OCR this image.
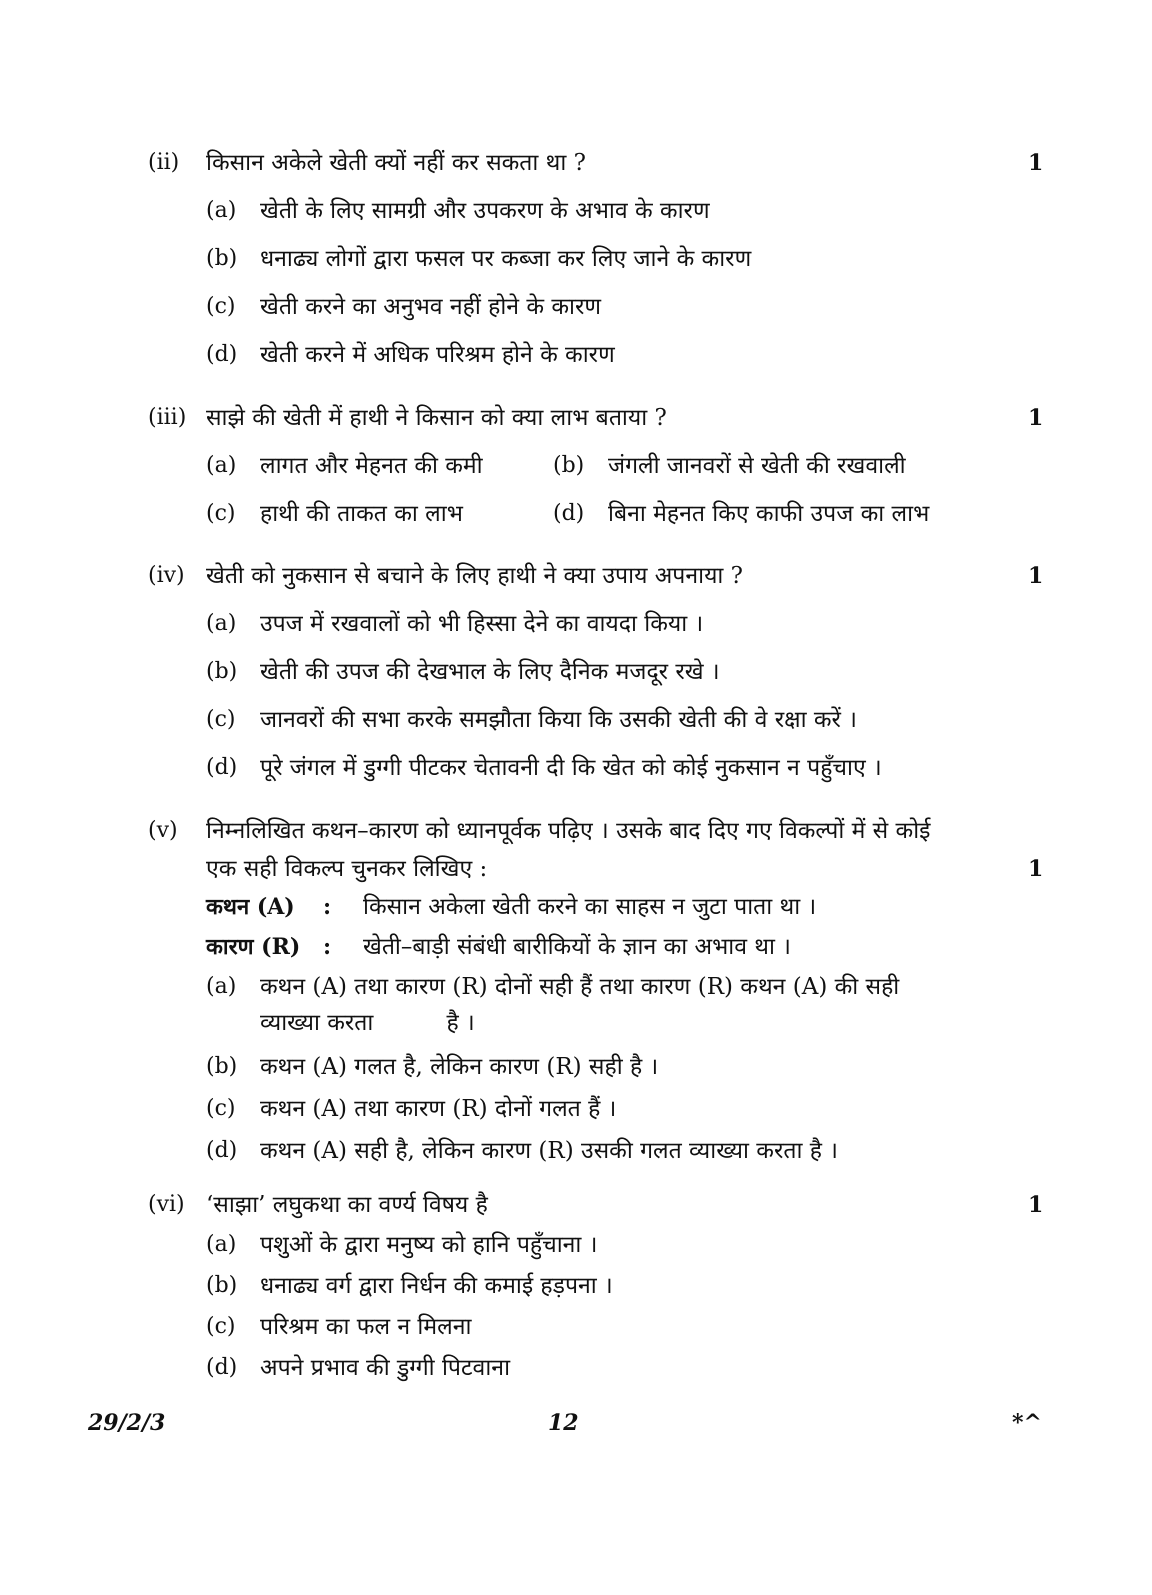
(ii) किसान अकेले खेती क्यों नहीं कर सकता था ?	1
(a) खेती के लिए सामग्री और उपकरण के अभाव के कारण
(b) धनाढ्य लोगों द्वारा फसल पर कब्जा कर लिए जाने के कारण
(c) खेती करने का अनुभव नहीं होने के कारण
(d) खेती करने में अधिक परिश्रम होने के कारण
(iii) साझे की खेती में हाथी ने किसान को क्या लाभ बताया ?	1
(a) लागत और मेहनत की कमी	(b) जंगली जानवरों से खेती की रखवाली
(c) हाथी की ताकत का लाभ	(d) बिना मेहनत किए काफी उपज का लाभ
(iv) खेती को नुकसान से बचाने के लिए हाथी ने क्या उपाय अपनाया ?	1
(a) उपज में रखवालों को भी हिस्सा देने का वायदा किया ।
(b) खेती की उपज की देखभाल के लिए दैनिक मजदूर रखे ।
(c) जानवरों की सभा करके समझौता किया कि उसकी खेती की वे रक्षा करें ।
(d) पूरे जंगल में डुग्गी पीटकर चेतावनी दी कि खेत को कोई नुकसान न पहुँचाए ।
(v) निम्नलिखित कथन–कारण को ध्यानपूर्वक पढ़िए । उसके बाद दिए गए विकल्पों में से कोई
एक सही विकल्प चुनकर लिखिए :	1
कथन (A) : किसान अकेला खेती करने का साहस न जुटा पाता था ।
कारण (R) : खेती–बाड़ी संबंधी बारीकियों के ज्ञान का अभाव था ।
(a) कथन (A) तथा कारण (R) दोनों सही हैं तथा कारण (R) कथन (A) की सही
व्याख्या करता          है ।
(b) कथन (A) गलत है, लेकिन कारण (R) सही है ।
(c) कथन (A) तथा कारण (R) दोनों गलत हैं ।
(d) कथन (A) सही है, लेकिन कारण (R) उसकी गलत व्याख्या करता है ।
(vi) ‘साझा’ लघुकथा का वर्ण्य विषय है	1
(a) पशुओं के द्वारा मनुष्य को हानि पहुँचाना ।
(b) धनाढ्य वर्ग द्वारा निर्धन की कमाई हड़पना ।
(c) परिश्रम का फल न मिलना
(d) अपने प्रभाव की डुग्गी पिटवाना
29/2/3	12	*^
